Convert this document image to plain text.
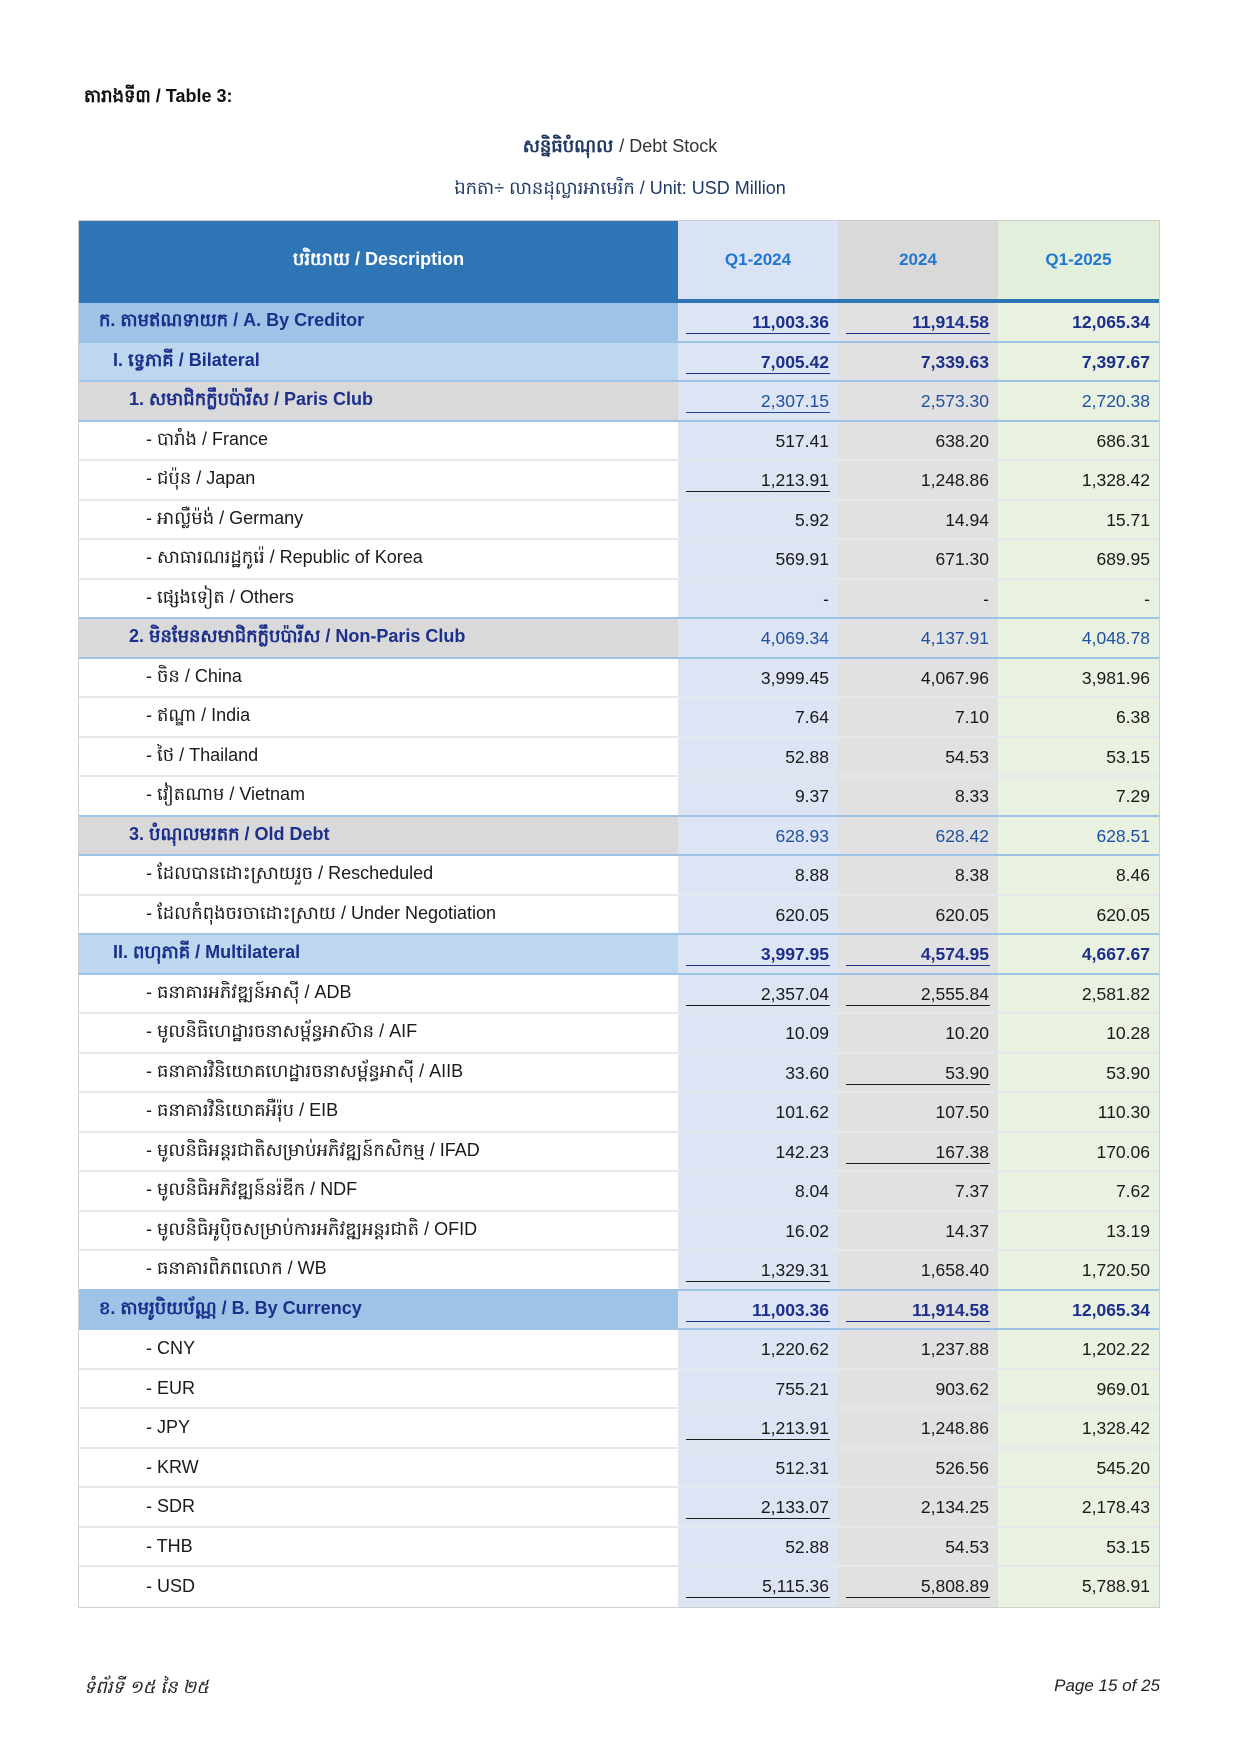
តារាងទី៣ / Table 3:
សន្និធិបំណុល / Debt Stock
ឯកតា÷ លានដុល្លារអាមេរិក / Unit: USD Million
បរិយាយ / Description	Q1-2024	2024	Q1-2025
ក. តាមឥណទាយក / A. By Creditor	11,003.36	11,914.58	12,065.34
I. ទ្វេភាគី / Bilateral	7,005.42	7,339.63	7,397.67
1. សមាជិកក្លឹបប៉ារីស / Paris Club	2,307.15	2,573.30	2,720.38
- បារាំង / France	517.41	638.20	686.31
- ជប៉ុន / Japan	1,213.91	1,248.86	1,328.42
- អាល្លឺម៉ង់ / Germany	5.92	14.94	15.71
- សាធារណរដ្ឋកូរ៉េ / Republic of Korea	569.91	671.30	689.95
- ផ្សេងទៀត / Others	-	-	-
2. មិនមែនសមាជិកក្លឹបប៉ារីស / Non-Paris Club	4,069.34	4,137.91	4,048.78
- ចិន / China	3,999.45	4,067.96	3,981.96
- ឥណ្ឌា / India	7.64	7.10	6.38
- ថៃ / Thailand	52.88	54.53	53.15
- វៀតណាម / Vietnam	9.37	8.33	7.29
3. បំណុលមរតក / Old Debt	628.93	628.42	628.51
- ដែលបានដោះស្រាយរួច / Rescheduled	8.88	8.38	8.46
- ដែលកំពុងចរចាដោះស្រាយ / Under Negotiation	620.05	620.05	620.05
II. ពហុភាគី / Multilateral	3,997.95	4,574.95	4,667.67
- ធនាគារអភិវឌ្ឍន៍អាស៊ី / ADB	2,357.04	2,555.84	2,581.82
- មូលនិធិហេដ្ឋារចនាសម្ព័ន្ធអាស៊ាន / AIF	10.09	10.20	10.28
- ធនាគារវិនិយោគហេដ្ឋារចនាសម្ព័ន្ធអាស៊ី / AIIB	33.60	53.90	53.90
- ធនាគារវិនិយោគអឺរ៉ុប / EIB	101.62	107.50	110.30
- មូលនិធិអន្តរជាតិសម្រាប់អភិវឌ្ឍន៍កសិកម្ម / IFAD	142.23	167.38	170.06
- មូលនិធិអភិវឌ្ឍន៍នរ៉ឌីក / NDF	8.04	7.37	7.62
- មូលនិធិអូប៉ិចសម្រាប់ការអភិវឌ្ឍអន្តរជាតិ / OFID	16.02	14.37	13.19
- ធនាគារពិភពលោក / WB	1,329.31	1,658.40	1,720.50
ខ. តាមរូបិយប័ណ្ណ / B. By Currency	11,003.36	11,914.58	12,065.34
- CNY	1,220.62	1,237.88	1,202.22
- EUR	755.21	903.62	969.01
- JPY	1,213.91	1,248.86	1,328.42
- KRW	512.31	526.56	545.20
- SDR	2,133.07	2,134.25	2,178.43
- THB	52.88	54.53	53.15
- USD	5,115.36	5,808.89	5,788.91
ទំព័រទី ១៥ នៃ ២៥	Page 15 of 25
